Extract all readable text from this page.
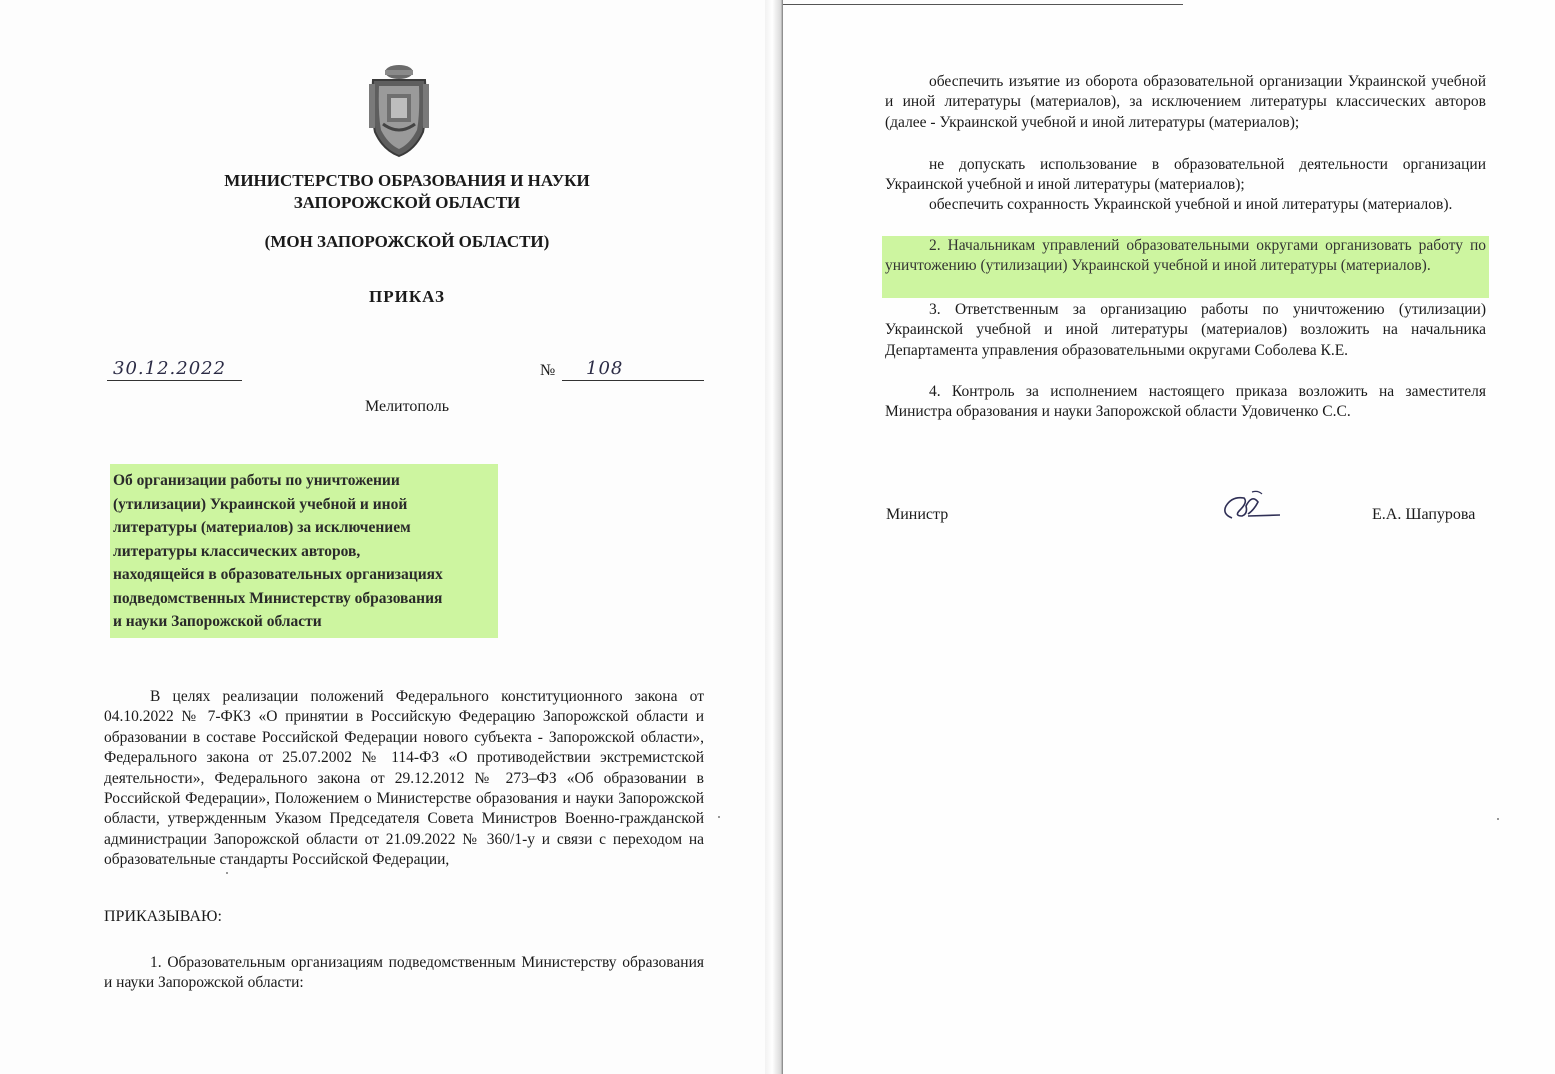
МИНИСТЕРСТВО ОБРАЗОВАНИЯ И НАУКИ
ЗАПОРОЖСКОЙ ОБЛАСТИ
(МОН ЗАПОРОЖСКОЙ ОБЛАСТИ)
ПРИКАЗ
30.12.2022	№ 108
Мелитополь
Об организации работы по уничтожении
(утилизации) Украинской учебной и иной
литературы (материалов) за исключением
литературы классических авторов,
находящейся в образовательных организациях
подведомственных Министерству образования
и науки Запорожской области
В целях реализации положений Федерального конституционного закона от 04.10.2022 № 7-ФКЗ «О принятии в Российскую Федерацию Запорожской области и образовании в составе Российской Федерации нового субъекта - Запорожской области», Федерального закона от 25.07.2002 № 114-ФЗ «О противодействии экстремистской деятельности», Федерального закона от 29.12.2012 № 273–ФЗ «Об образовании в Российской Федерации», Положением о Министерстве образования и науки Запорожской области, утвержденным Указом Председателя Совета Министров Военно-гражданской администрации Запорожской области от 21.09.2022 № 360/1-у и связи с переходом на образовательные стандарты Российской Федерации,
ПРИКАЗЫВАЮ:
1. Образовательным организациям подведомственным Министерству образования и науки Запорожской области:
обеспечить изъятие из оборота образовательной организации Украинской учебной и иной литературы (материалов), за исключением литературы классических авторов (далее - Украинской учебной и иной литературы (материалов);
не допускать использование в образовательной деятельности организации Украинской учебной и иной литературы (материалов);
обеспечить сохранность Украинской учебной и иной литературы (материалов).
2. Начальникам управлений образовательными округами организовать работу по уничтожению (утилизации) Украинской учебной и иной литературы (материалов).
3. Ответственным за организацию работы по уничтожению (утилизации) Украинской учебной и иной литературы (материалов) возложить на начальника Департамента управления образовательными округами Соболева К.Е.
4. Контроль за исполнением настоящего приказа возложить на заместителя Министра образования и науки Запорожской области Удовиченко С.С.
Министр	Е.А. Шапурова
